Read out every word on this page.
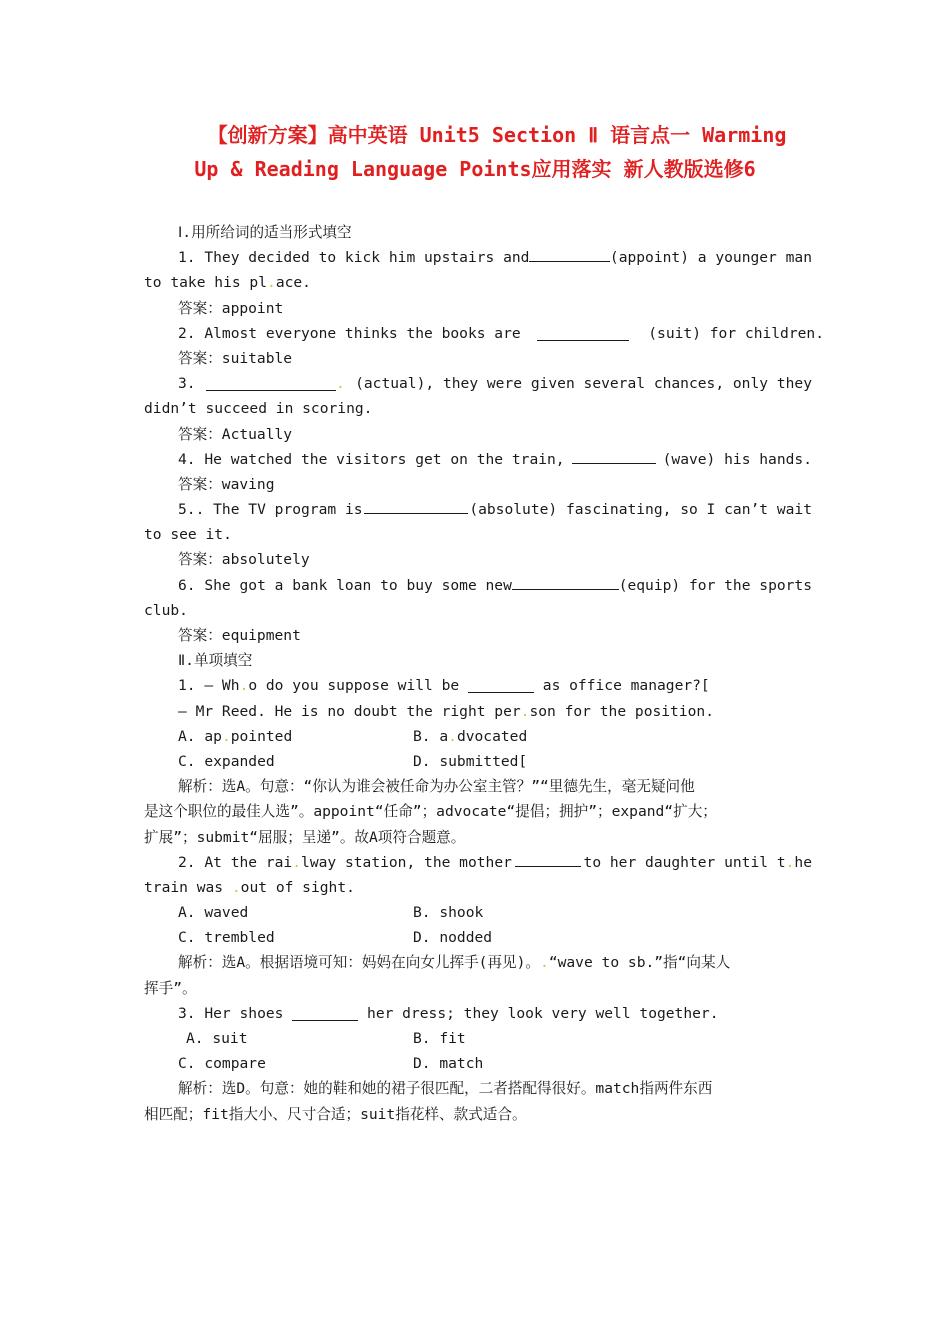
【创新方案】高中英语 Unit5 Section Ⅱ 语言点一 Warming
Up & Reading Language Points应用落实 新人教版选修6
Ⅰ.用所给词的适当形式填空
1. They decided to kick him upstairs and	(appoint) a younger man
to take his pl.ace.
答案：appoint
2. Almost everyone thinks the books are	(suit) for children.
答案：suitable
3.	. (actual), they were given several chances, only they
didn’t succeed in scoring.
答案：Actually
4. He watched the visitors get on the train,	(wave) his hands.
答案：waving
5.. The TV program is	(absolute) fascinating, so I can’t wait
to see it.
答案：absolutely
6. She got a bank loan to buy some new	(equip) for the sports
club.
答案：equipment
Ⅱ.单项填空
1. — Wh.o do you suppose will be	as office manager?[
— Mr Reed. He is no doubt the right per.son for the position.
A. ap.pointed	B. a.dvocated
C. expanded	D. submitted[
解析：选A。句意：“你认为谁会被任命为办公室主管？”“里德先生，毫无疑问他
是这个职位的最佳人选”。appoint“任命”；advocate“提倡；拥护”；expand“扩大；
扩展”；submit“屈服；呈递”。故A项符合题意。
2. At the rai.lway station, the mother	to her daughter until t.he
train was .out of sight.
A. waved	B. shook
C. trembled	D. nodded
解析：选A。根据语境可知：妈妈在向女儿挥手(再见)。.“wave to sb.”指“向某人
挥手”。
3. Her shoes	her dress; they look very well together.
A. suit	B. fit
C. compare	D. match
解析：选D。句意：她的鞋和她的裙子很匹配，二者搭配得很好。match指两件东西
相匹配；fit指大小、尺寸合适；suit指花样、款式适合。
